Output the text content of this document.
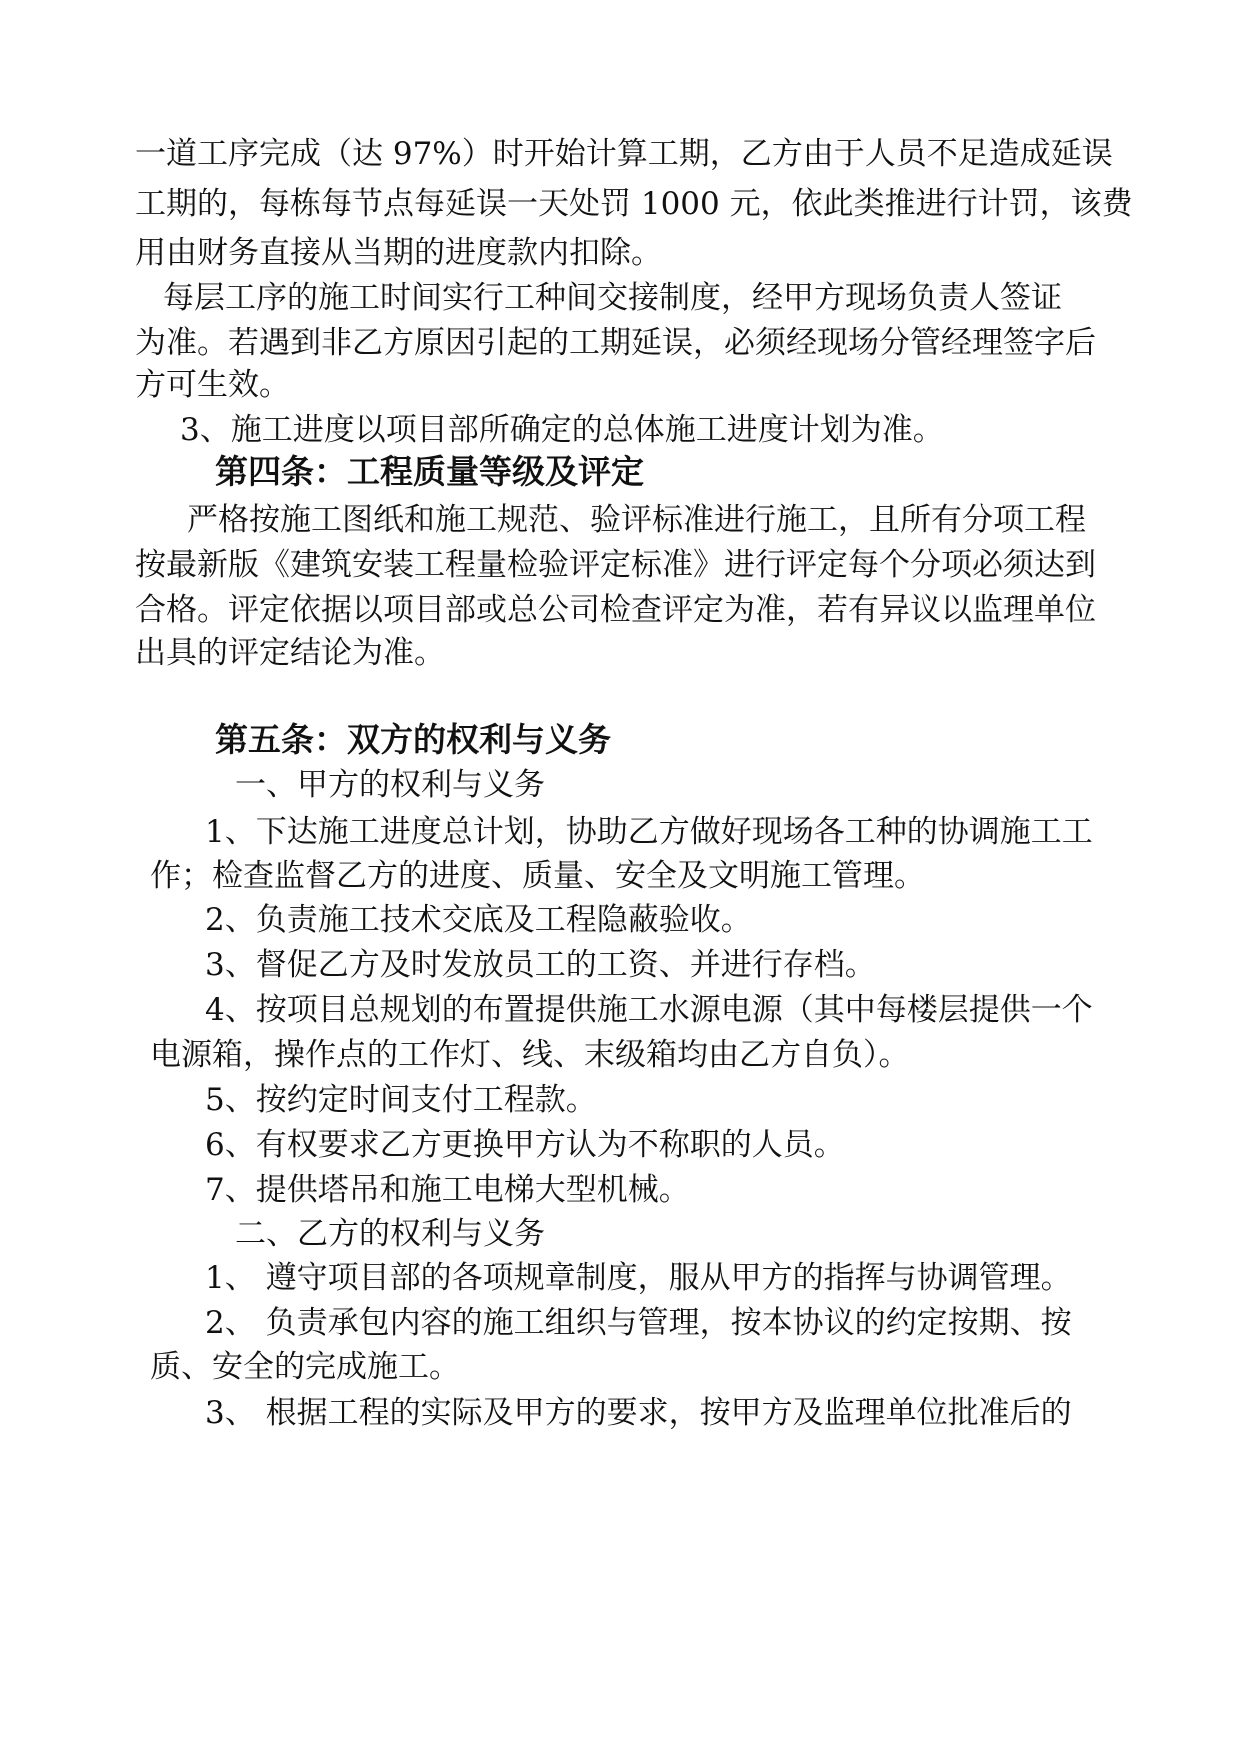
一道工序完成（达 97%）时开始计算工期，乙方由于人员不足造成延误
工期的，每栋每节点每延误一天处罚 1000 元，依此类推进行计罚，该费
用由财务直接从当期的进度款内扣除。
每层工序的施工时间实行工种间交接制度，经甲方现场负责人签证
为准。若遇到非乙方原因引起的工期延误，必须经现场分管经理签字后
方可生效。
3、施工进度以项目部所确定的总体施工进度计划为准。
第四条：工程质量等级及评定
严格按施工图纸和施工规范、验评标准进行施工，且所有分项工程
按最新版《建筑安装工程量检验评定标准》进行评定每个分项必须达到
合格。评定依据以项目部或总公司检查评定为准，若有异议以监理单位
出具的评定结论为准。
第五条：双方的权利与义务
一、甲方的权利与义务
1、下达施工进度总计划，协助乙方做好现场各工种的协调施工工
作；检查监督乙方的进度、质量、安全及文明施工管理。
2、负责施工技术交底及工程隐蔽验收。
3、督促乙方及时发放员工的工资、并进行存档。
4、按项目总规划的布置提供施工水源电源（其中每楼层提供一个
电源箱，操作点的工作灯、线、末级箱均由乙方自负）。
5、按约定时间支付工程款。
6、有权要求乙方更换甲方认为不称职的人员。
7、提供塔吊和施工电梯大型机械。
二、乙方的权利与义务
1、 遵守项目部的各项规章制度，服从甲方的指挥与协调管理。
2、 负责承包内容的施工组织与管理，按本协议的约定按期、按
质、安全的完成施工。
3、 根据工程的实际及甲方的要求，按甲方及监理单位批准后的
